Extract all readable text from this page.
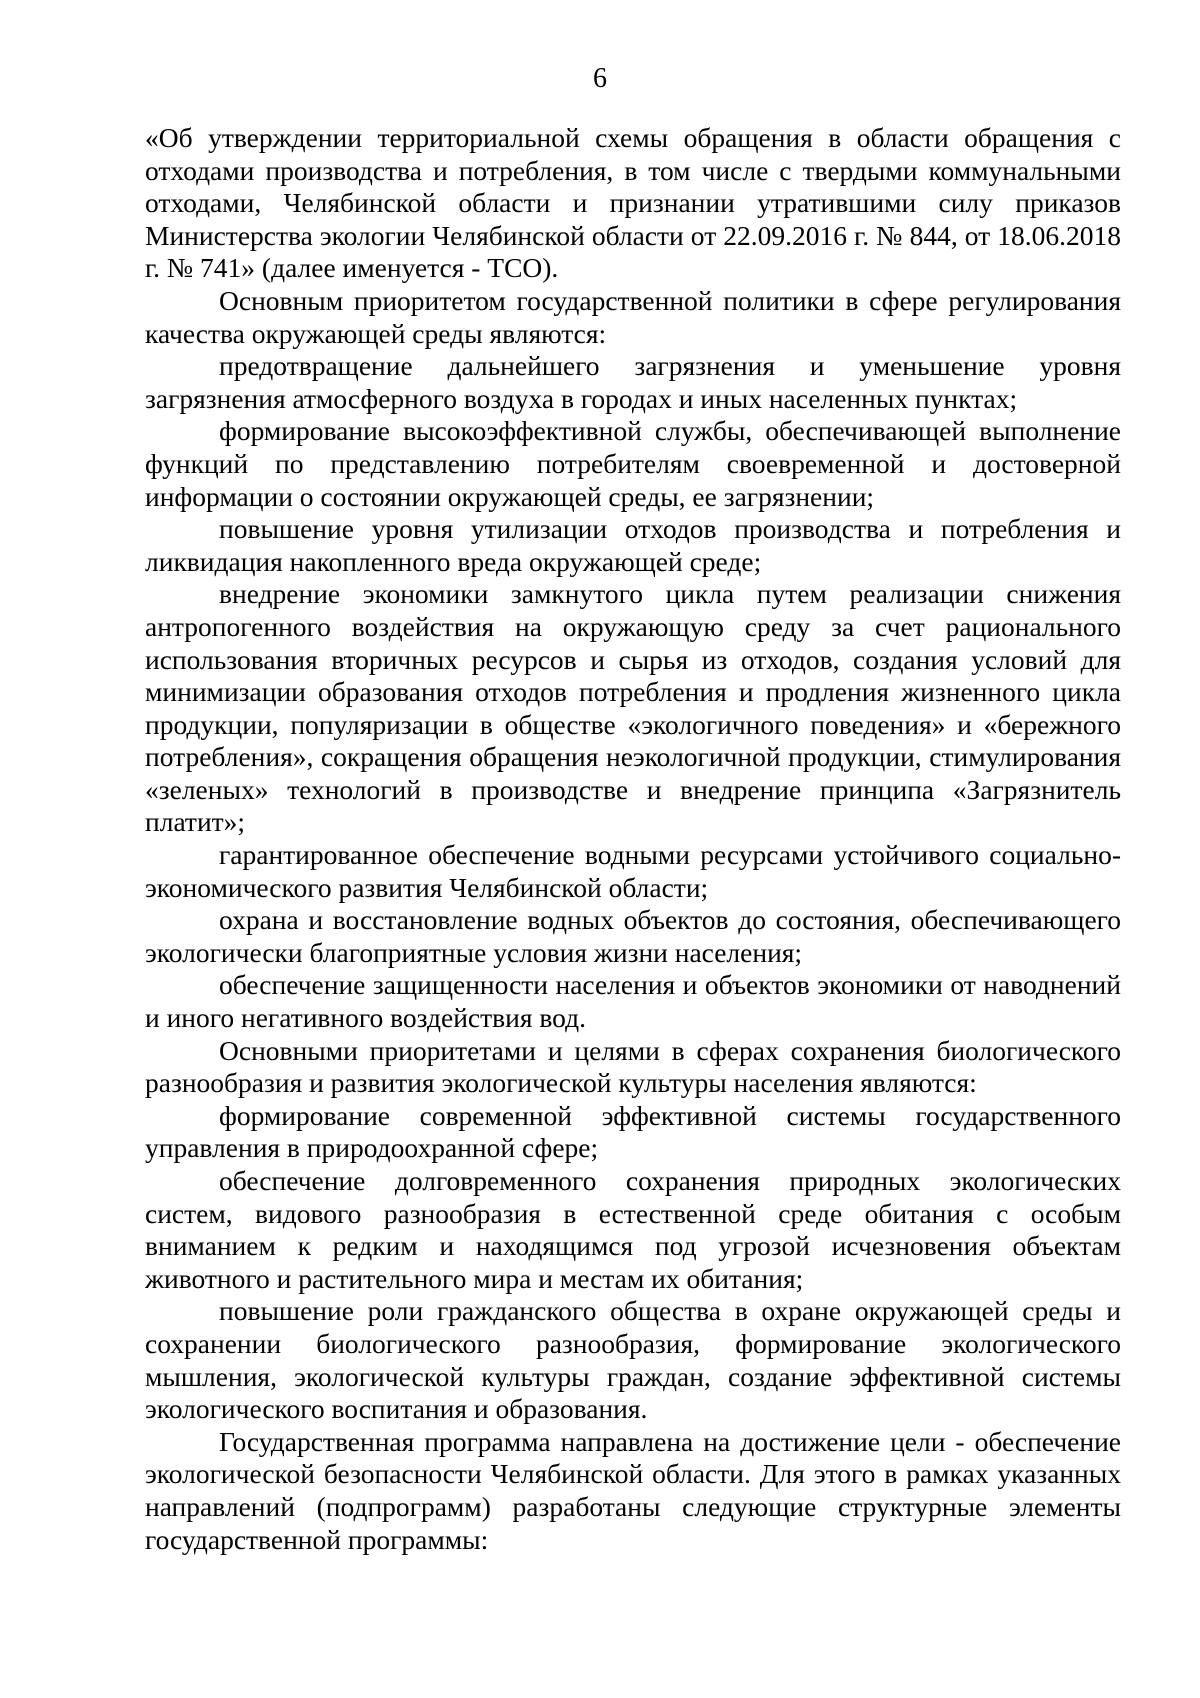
6

«Об утверждении территориальной схемы обращения в области обращения с отходами производства и потребления, в том числе с твердыми коммунальными отходами, Челябинской области и признании утратившими силу приказов Министерства экологии Челябинской области от 22.09.2016 г. № 844, от 18.06.2018 г. № 741» (далее именуется - ТСО).

Основным приоритетом государственной политики в сфере регулирования качества окружающей среды являются:

предотвращение дальнейшего загрязнения и уменьшение уровня загрязнения атмосферного воздуха в городах и иных населенных пунктах;

формирование высокоэффективной службы, обеспечивающей выполнение функций по представлению потребителям своевременной и достоверной информации о состоянии окружающей среды, ее загрязнении;

повышение уровня утилизации отходов производства и потребления и ликвидация накопленного вреда окружающей среде;

внедрение экономики замкнутого цикла путем реализации снижения антропогенного воздействия на окружающую среду за счет рационального использования вторичных ресурсов и сырья из отходов, создания условий для минимизации образования отходов потребления и продления жизненного цикла продукции, популяризации в обществе «экологичного поведения» и «бережного потребления», сокращения обращения неэкологичной продукции, стимулирования «зеленых» технологий в производстве и внедрение принципа «Загрязнитель платит»;

гарантированное обеспечение водными ресурсами устойчивого социально-экономического развития Челябинской области;

охрана и восстановление водных объектов до состояния, обеспечивающего экологически благоприятные условия жизни населения;

обеспечение защищенности населения и объектов экономики от наводнений и иного негативного воздействия вод.

Основными приоритетами и целями в сферах сохранения биологического разнообразия и развития экологической культуры населения являются:

формирование современной эффективной системы государственного управления в природоохранной сфере;

обеспечение долговременного сохранения природных экологических систем, видового разнообразия в естественной среде обитания с особым вниманием к редким и находящимся под угрозой исчезновения объектам животного и растительного мира и местам их обитания;

повышение роли гражданского общества в охране окружающей среды и сохранении биологического разнообразия, формирование экологического мышления, экологической культуры граждан, создание эффективной системы экологического воспитания и образования.

Государственная программа направлена на достижение цели - обеспечение экологической безопасности Челябинской области. Для этого в рамках указанных направлений (подпрограмм) разработаны следующие структурные элементы государственной программы:
